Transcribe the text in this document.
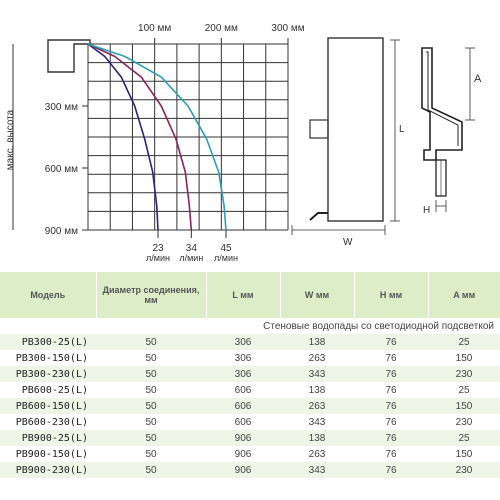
23
л/мин
34
л/мин
45
л/мин
100 мм	200 мм	300 мм
300 мм
600 мм
900 мм
макс. высота	L
W
A
H
Модель	Диаметр соединения, мм	L мм	W мм	H мм	A мм
Стеновые водопады со светодиодной подсветкой					
PB300-25(L)	50	306	138	76	25
PB300-150(L)	50	306	263	76	150
PB300-230(L)	50	306	343	76	230
PB600-25(L)	50	606	138	76	25
PB600-150(L)	50	606	263	76	150
PB600-230(L)	50	606	343	76	230
PB900-25(L)	50	906	138	76	25
PB900-150(L)	50	906	263	76	150
PB900-230(L)	50	906	343	76	230
